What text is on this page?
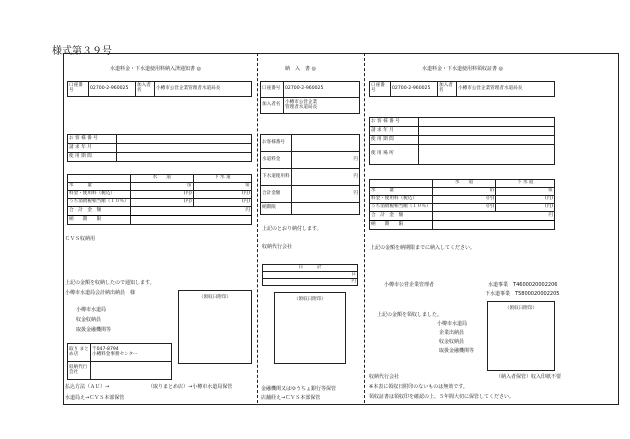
様式第３９号
水道料金・下水道使用料納入済通知書 ◎
口座番号	02700-2-960025	加入者名	小樽市公営企業管理者水道局長
お 客 様 番 号	
請 求 年 月	
使 用 期 間	
	水　　道	下 水 道
水　　　量	㎥	㎥
料金・使用料（税込）	(円)	(円)
うち消費税相当額（１０％）	(円)	(円)
合　計　金　額	円	
納　　期　　限		
ＣＶＳ収納用
上記の金額を収納したので通知します。
小樽市水道局会計納出納員　様
小樽市水道局
収金収納員
取扱金融機関等
（領収日附印）
取り まとめ店	〒047-8794
小樽料金事務センター

収納代行会社	
払込方法（ＡＵ）→	（取りまとめ店）→小樽市水道局保管
水道局え→ＣＶＳ本部保管
納　入　書 ◎
口座番号	02700-2-960025
加入者名	小樽市公営企業
管理者水道局長
お客様番号	
水道料金	円
下水道使用料	円
合計金額	円
納期限	
上記のとおり納付します。
収納代行会社
日　　　計
日
円
（領収日附印）
金融機関又はゆうちょ銀行等保管
店舗経え→ＣＶＳ本部保管
水道料金・下水道使用料領収証書 ◎
口座番号	02700-2-960025	加入者名	小樽市公営企業管理者水道局長
お 客 様 番 号	
請 求 年 月	
使 用 期 間	
使 用 場 所	
	水　　道	下 水 道
水　　　量	㎥	㎥
料金・使用料（税込）	(円)	(円)
うち消費税相当額（１０％）	(円)	(円)
合　計　金　額	円	
納　　期　　限		
上記の金額を納期限までに納入してください。
小樽市公営企業管理者	水道事業　 T4600020002206
下水道事業　 T5800020002205
上記の金額を領収しました。
小樽市水道局
企業出納員
収金収納員
取扱金融機関等
（領収日附印）
収納代行会社	（納入者保管）収入印紙不要
※本表に領収日附印のないものは無効です。
領収証書は領収印を確認の上、５年間大切に保管してください。
